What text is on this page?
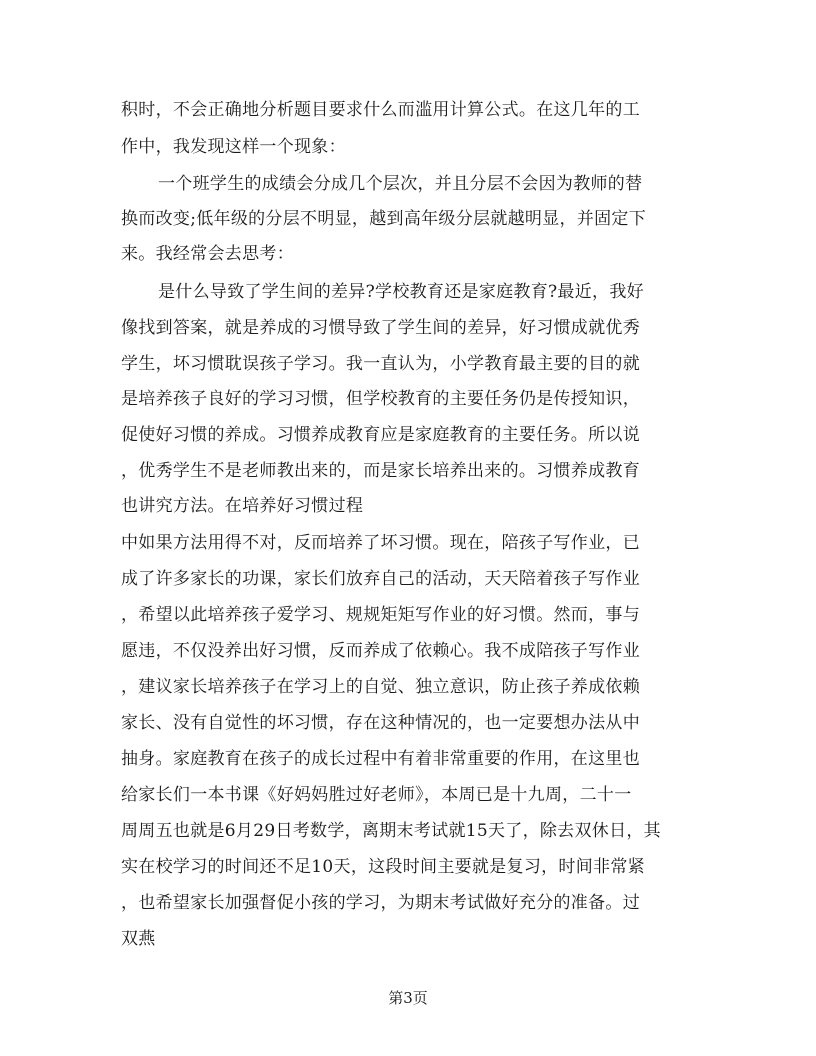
积时，不会正确地分析题目要求什么而滥用计算公式。在这几年的工
作中，我发现这样一个现象：
一个班学生的成绩会分成几个层次，并且分层不会因为教师的替
换而改变;低年级的分层不明显，越到高年级分层就越明显，并固定下
来。我经常会去思考：
是什么导致了学生间的差异?学校教育还是家庭教育?最近，我好
像找到答案，就是养成的习惯导致了学生间的差异，好习惯成就优秀
学生，坏习惯耽误孩子学习。我一直认为，小学教育最主要的目的就
是培养孩子良好的学习习惯，但学校教育的主要任务仍是传授知识，
促使好习惯的养成。习惯养成教育应是家庭教育的主要任务。所以说
，优秀学生不是老师教出来的，而是家长培养出来的。习惯养成教育
也讲究方法。在培养好习惯过程
中如果方法用得不对，反而培养了坏习惯。现在，陪孩子写作业，已
成了许多家长的功课，家长们放弃自己的活动，天天陪着孩子写作业
，希望以此培养孩子爱学习、规规矩矩写作业的好习惯。然而，事与
愿违，不仅没养出好习惯，反而养成了依赖心。我不成陪孩子写作业
，建议家长培养孩子在学习上的自觉、独立意识，防止孩子养成依赖
家长、没有自觉性的坏习惯，存在这种情况的，也一定要想办法从中
抽身。家庭教育在孩子的成长过程中有着非常重要的作用，在这里也
给家长们一本书课《好妈妈胜过好老师》，本周已是十九周，二十一
周周五也就是6月29日考数学，离期末考试就15天了，除去双休日，其
实在校学习的时间还不足10天，这段时间主要就是复习，时间非常紧
，也希望家长加强督促小孩的学习，为期末考试做好充分的准备。过
双燕
第3页
